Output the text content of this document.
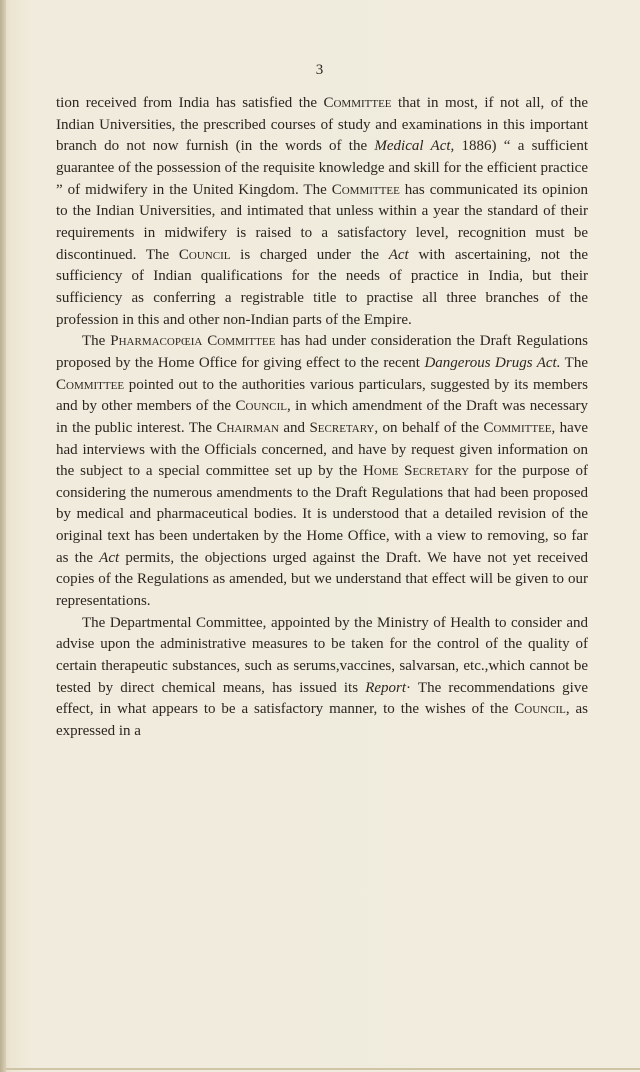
3

tion received from India has satisfied the Committee that in most, if not all, of the Indian Universities, the prescribed courses of study and examinations in this important branch do not now furnish (in the words of the Medical Act, 1886) “ a sufficient guarantee of the possession of the requisite knowledge and skill for the efficient practice ” of midwifery in the United Kingdom. The Committee has communicated its opinion to the Indian Universities, and intimated that unless within a year the standard of their requirements in midwifery is raised to a satisfactory level, recognition must be discontinued. The Council is charged under the Act with ascertaining, not the sufficiency of Indian qualifications for the needs of practice in India, but their sufficiency as conferring a registrable title to practise all three branches of the profession in this and other non-Indian parts of the Empire.

The Pharmacopœia Committee has had under consideration the Draft Regulations proposed by the Home Office for giving effect to the recent Dangerous Drugs Act. The Committee pointed out to the authorities various particulars, suggested by its members and by other members of the Council, in which amendment of the Draft was necessary in the public interest. The Chairman and Secretary, on behalf of the Committee, have had interviews with the Officials concerned, and have by request given information on the subject to a special committee set up by the Home Secretary for the purpose of considering the numerous amendments to the Draft Regulations that had been proposed by medical and pharmaceutical bodies. It is understood that a detailed revision of the original text has been undertaken by the Home Office, with a view to removing, so far as the Act permits, the objections urged against the Draft. We have not yet received copies of the Regulations as amended, but we understand that effect will be given to our representations.

The Departmental Committee, appointed by the Ministry of Health to consider and advise upon the administrative measures to be taken for the control of the quality of certain therapeutic substances, such as serums,vaccines, salvarsan, etc.,which cannot be tested by direct chemical means, has issued its Report· The recommendations give effect, in what appears to be a satisfactory manner, to the wishes of the Council, as expressed in a
